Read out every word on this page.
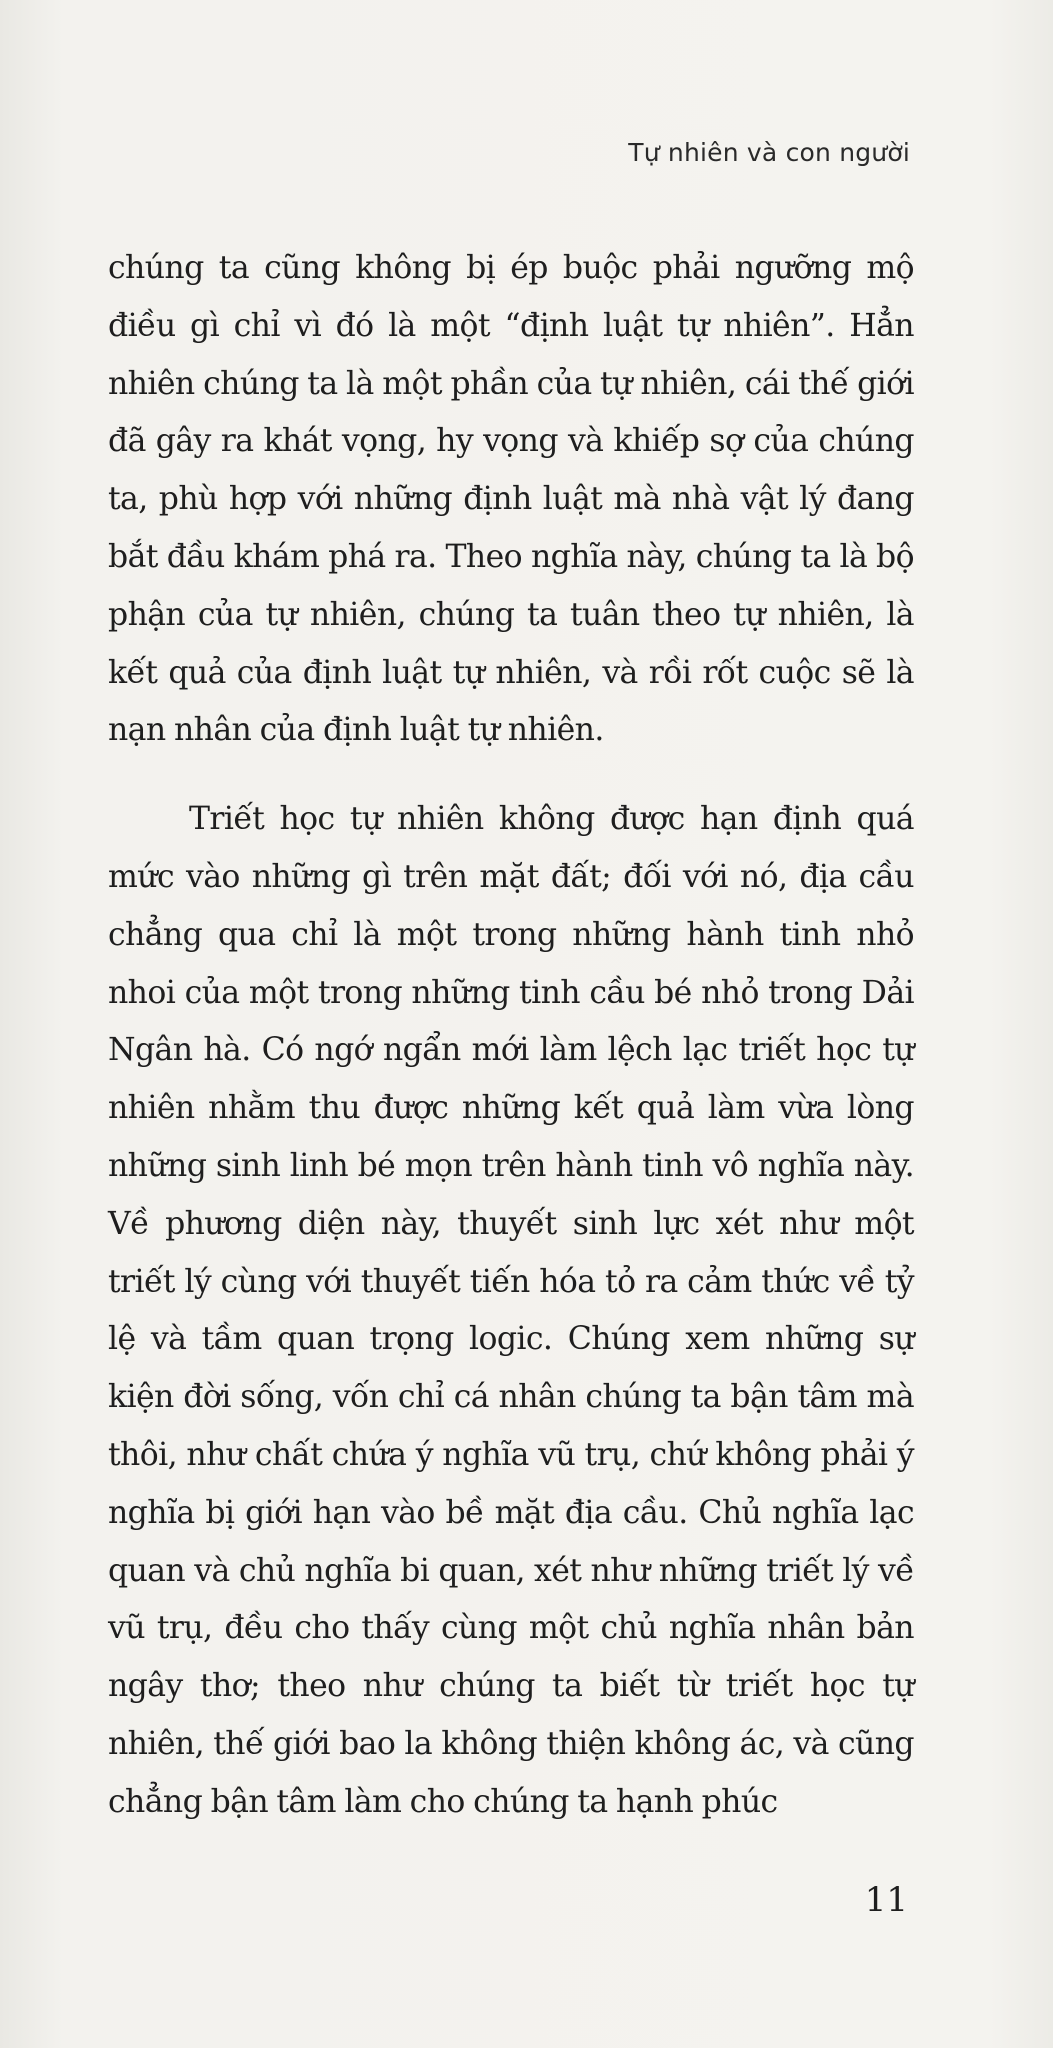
Tự nhiên và con người

chúng ta cũng không bị ép buộc phải ngưỡng mộ điều gì chỉ vì đó là một “định luật tự nhiên”. Hẳn nhiên chúng ta là một phần của tự nhiên, cái thế giới đã gây ra khát vọng, hy vọng và khiếp sợ của chúng ta, phù hợp với những định luật mà nhà vật lý đang bắt đầu khám phá ra. Theo nghĩa này, chúng ta là bộ phận của tự nhiên, chúng ta tuân theo tự nhiên, là kết quả của định luật tự nhiên, và rồi rốt cuộc sẽ là nạn nhân của định luật tự nhiên.

Triết học tự nhiên không được hạn định quá mức vào những gì trên mặt đất; đối với nó, địa cầu chẳng qua chỉ là một trong những hành tinh nhỏ nhoi của một trong những tinh cầu bé nhỏ trong Dải Ngân hà. Có ngớ ngẩn mới làm lệch lạc triết học tự nhiên nhằm thu được những kết quả làm vừa lòng những sinh linh bé mọn trên hành tinh vô nghĩa này. Về phương diện này, thuyết sinh lực xét như một triết lý cùng với thuyết tiến hóa tỏ ra cảm thức về tỷ lệ và tầm quan trọng logic. Chúng xem những sự kiện đời sống, vốn chỉ cá nhân chúng ta bận tâm mà thôi, như chất chứa ý nghĩa vũ trụ, chứ không phải ý nghĩa bị giới hạn vào bề mặt địa cầu. Chủ nghĩa lạc quan và chủ nghĩa bi quan, xét như những triết lý về vũ trụ, đều cho thấy cùng một chủ nghĩa nhân bản ngây thơ; theo như chúng ta biết từ triết học tự nhiên, thế giới bao la không thiện không ác, và cũng chẳng bận tâm làm cho chúng ta hạnh phúc

11
